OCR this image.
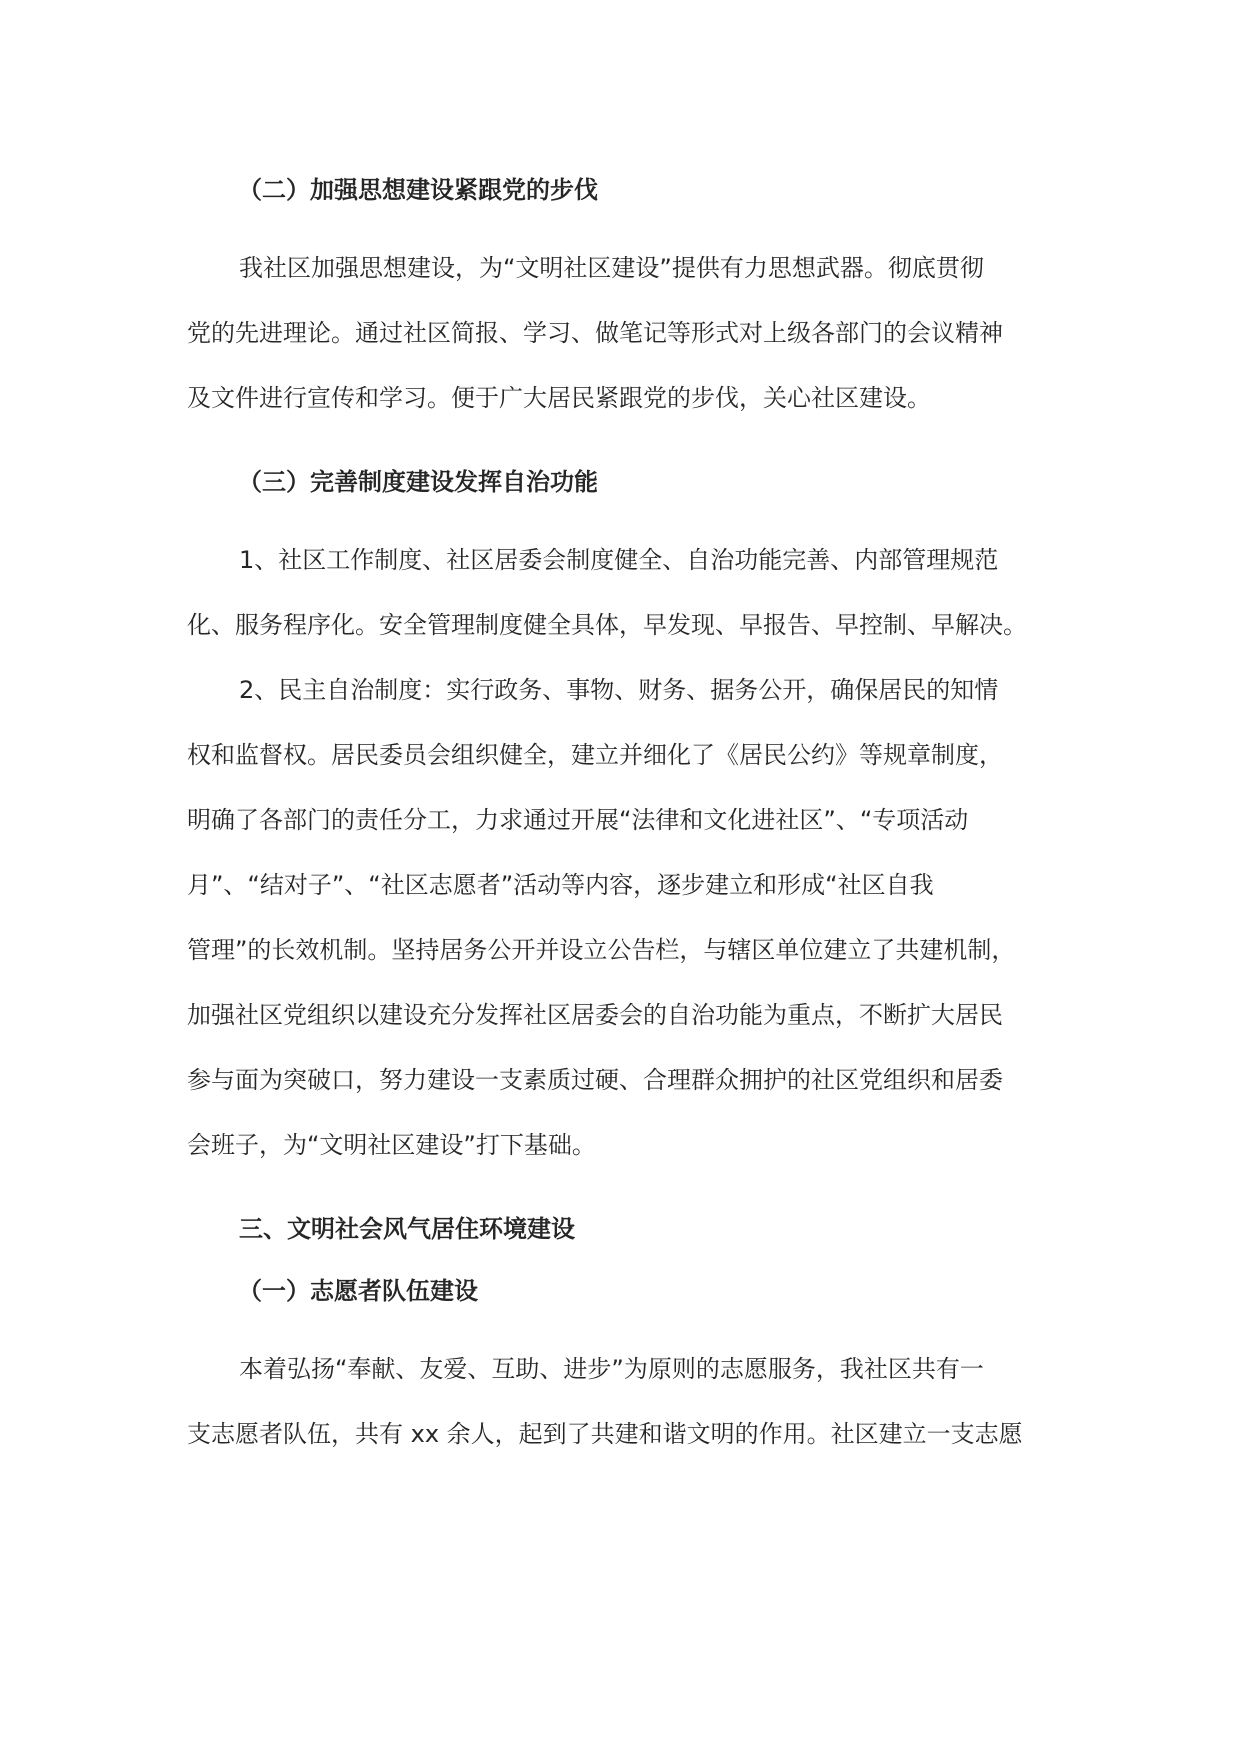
（二）加强思想建设紧跟党的步伐

我社区加强思想建设，为“文明社区建设”提供有力思想武器。彻底贯彻
党的先进理论。通过社区简报、学习、做笔记等形式对上级各部门的会议精神
及文件进行宣传和学习。便于广大居民紧跟党的步伐，关心社区建设。

（三）完善制度建设发挥自治功能

1、社区工作制度、社区居委会制度健全、自治功能完善、内部管理规范
化、服务程序化。安全管理制度健全具体，早发现、早报告、早控制、早解决。

2、民主自治制度：实行政务、事物、财务、据务公开，确保居民的知情
权和监督权。居民委员会组织健全，建立并细化了《居民公约》等规章制度，
明确了各部门的责任分工，力求通过开展“法律和文化进社区”、“专项活动
月”、“结对子”、“社区志愿者”活动等内容，逐步建立和形成“社区自我
管理”的长效机制。坚持居务公开并设立公告栏，与辖区单位建立了共建机制，
加强社区党组织以建设充分发挥社区居委会的自治功能为重点，不断扩大居民
参与面为突破口，努力建设一支素质过硬、合理群众拥护的社区党组织和居委
会班子，为“文明社区建设”打下基础。

三、文明社会风气居住环境建设
（一）志愿者队伍建设

本着弘扬“奉献、友爱、互助、进步”为原则的志愿服务，我社区共有一
支志愿者队伍，共有 xx 余人，起到了共建和谐文明的作用。社区建立一支志愿
